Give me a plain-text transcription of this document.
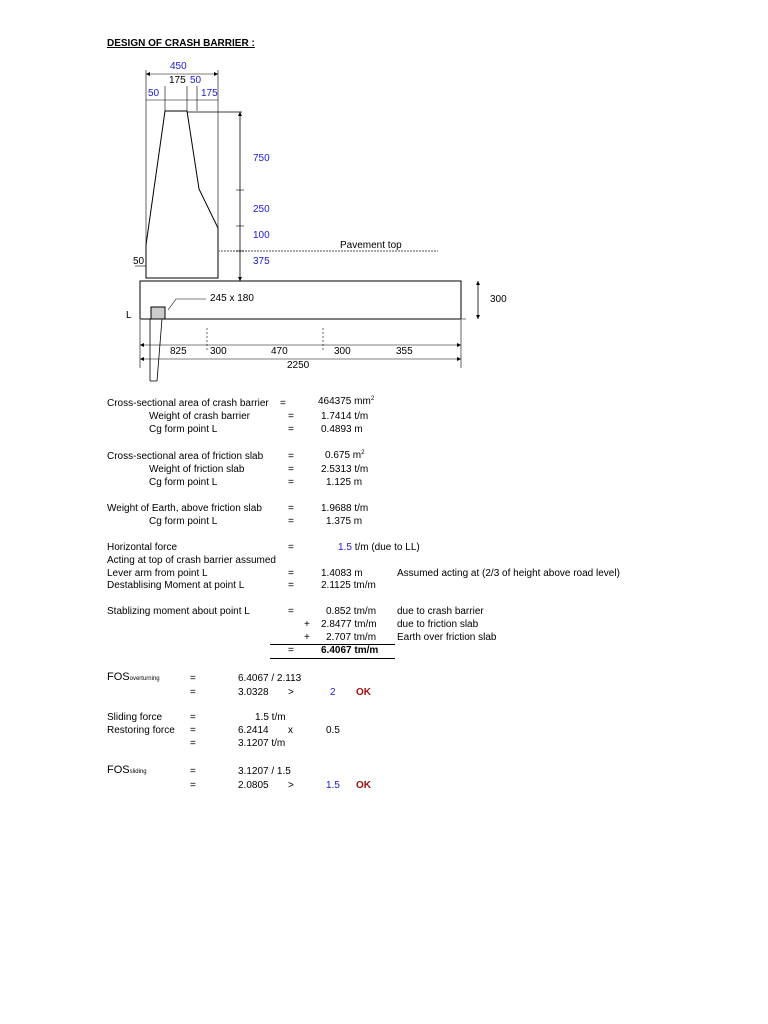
DESIGN OF CRASH BARRIER :
450
175 50
50	175
750
250
100
375
50
Pavement top
245 x 180
L
300
825 300	470	300	355
2250
Cross-sectional area of crash barrier =	464375 $mm^2$
Weight of crash barrier	=	1.7414 t/m
Cg form point L	=	0.4893 m
Cross-sectional area of friction slab =	0.675 $m^2$
Weight of friction slab	=	2.5313 t/m
Cg form point L	=	1.125 m
Weight of Earth, above friction slab	=	1.9688 t/m
Cg form point L	=	1.375 m
Horizontal force	=	1.5 t/m (due to LL)
Acting at top of crash barrier assumed
Lever arm from point L	=	1.4083 m	Assumed acting at (2/3 of height above road level)
Destablising Moment at point L	=	2.1125 tm/m
Stablizing moment about point L	=	0.852 tm/m due to crash barrier
+ 2.8477 tm/m due to friction slab
+ 2.707 tm/m Earth over friction slab
=	6.4067 tm/m
FOSoverturning	=	6.4067 / 2.113
=	3.0328 >	2 OK
Sliding force	=	1.5 t/m
Restoring force =	6.2414 x	0.5
=	3.1207 t/m
FOSsliding	=	3.1207 / 1.5
=	2.0805 >	1.5 OK
